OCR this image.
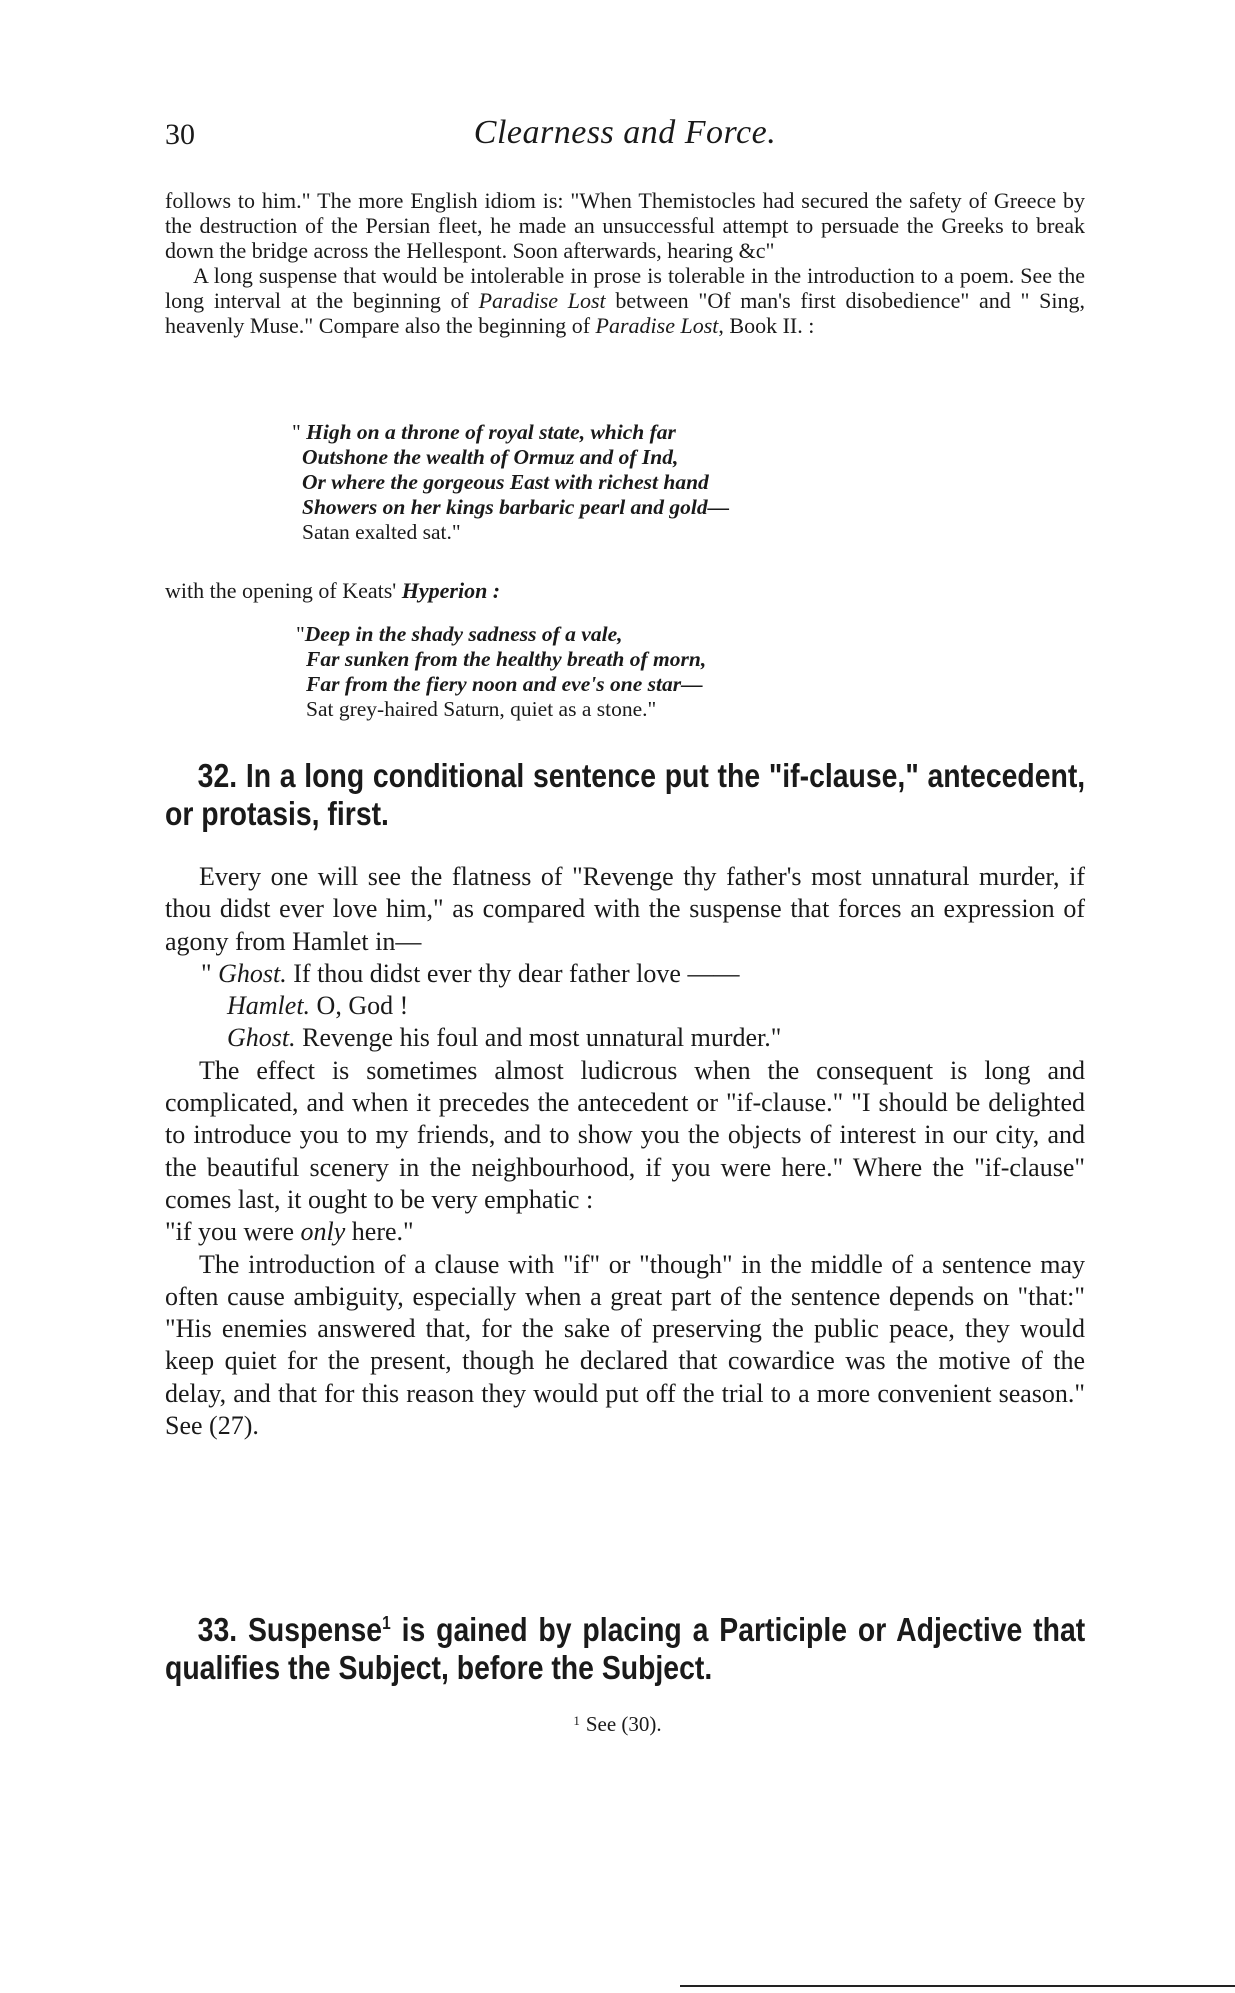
30	Clearness and Force.

follows to him." The more English idiom is: "When Themistocles had secured the safety of Greece by the destruction of the Persian fleet, he made an unsuccessful attempt to persuade the Greeks to break down the bridge across the Hellespont. Soon afterwards, hearing &c"

A long suspense that would be intolerable in prose is tolerable in the introduction to a poem. See the long interval at the beginning of Paradise Lost between "Of man's first disobedience" and " Sing, heavenly Muse." Compare also the beginning of Paradise Lost, Book II. :

" High on a throne of royal state, which far
Outshone the wealth of Ormuz and of Ind,
Or where the gorgeous East with richest hand
Showers on her kings barbaric pearl and gold—
Satan exalted sat."

with the opening of Keats' Hyperion :

"Deep in the shady sadness of a vale,
Far sunken from the healthy breath of morn,
Far from the fiery noon and eve's one star—
Sat grey-haired Saturn, quiet as a stone."
32. In a long conditional sentence put the "if-clause," antecedent, or protasis, first.

Every one will see the flatness of "Revenge thy father's most unnatural murder, if thou didst ever love him," as compared with the suspense that forces an expression of agony from Hamlet in—

" Ghost. If thou didst ever thy dear father love ——

Hamlet. O, God !

Ghost. Revenge his foul and most unnatural murder."

The effect is sometimes almost ludicrous when the consequent is long and complicated, and when it precedes the antecedent or "if-clause." "I should be delighted to introduce you to my friends, and to show you the objects of interest in our city, and the beautiful scenery in the neighbourhood, if you were here." Where the "if-clause" comes last, it ought to be very emphatic :

"if you were only here."

The introduction of a clause with "if" or "though" in the middle of a sentence may often cause ambiguity, especially when a great part of the sentence depends on "that:" "His enemies answered that, for the sake of preserving the public peace, they would keep quiet for the present, though he declared that cowardice was the motive of the delay, and that for this reason they would put off the trial to a more convenient season." See (27).

33. Suspense$^1$ is gained by placing a Participle or Adjective that qualifies the Subject, before the Subject.
$^1$ See (30).
